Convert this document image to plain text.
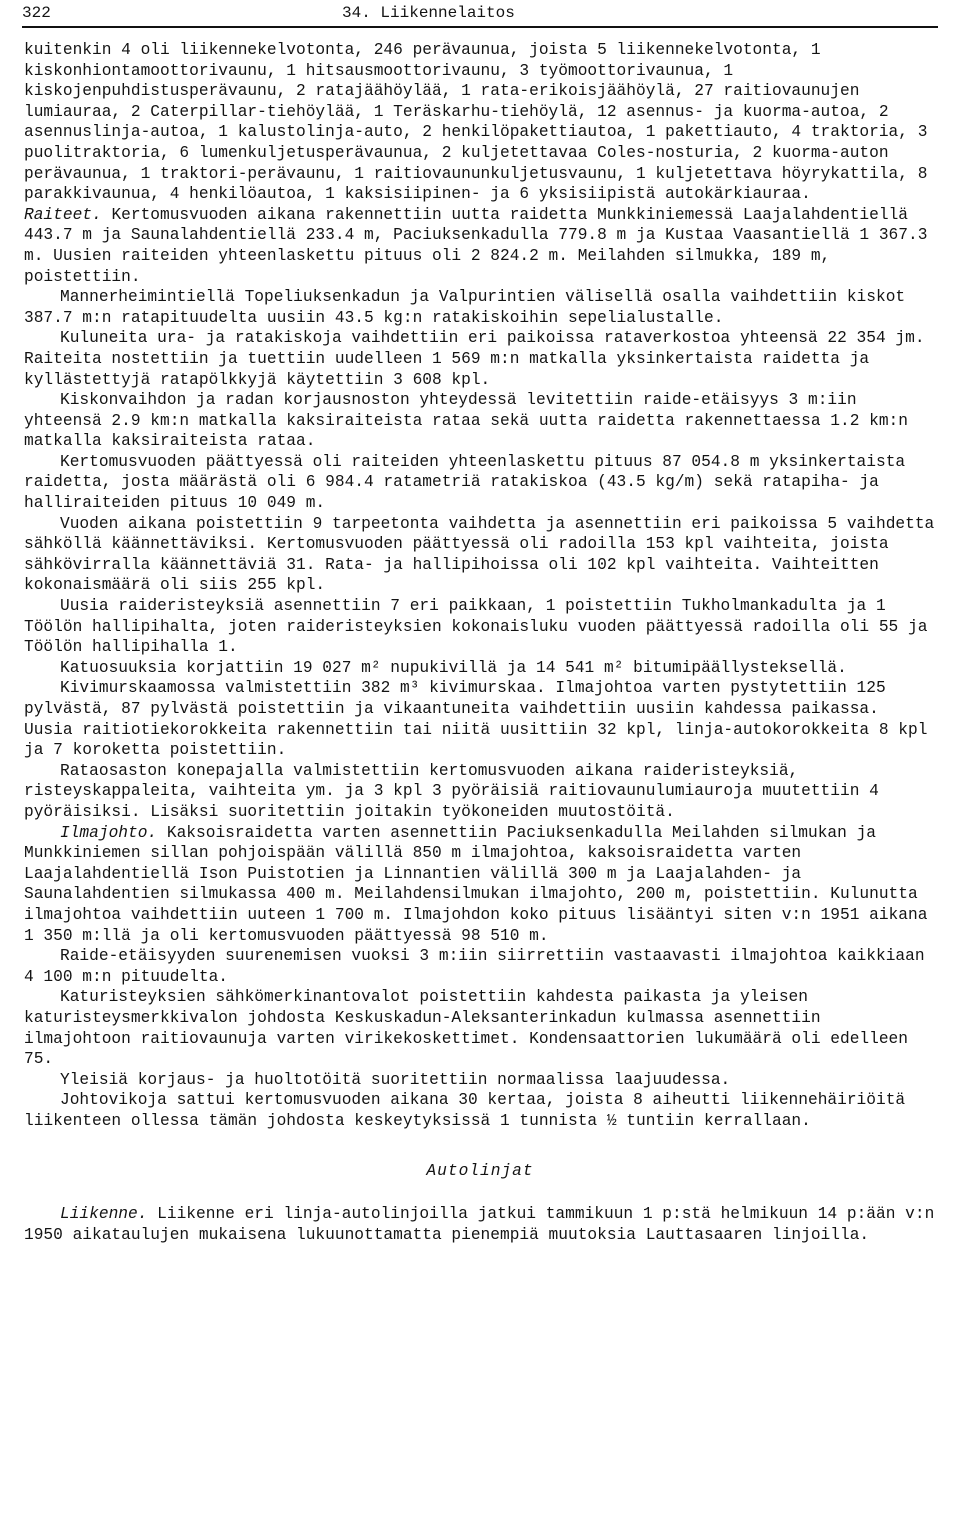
322	34. Liikennelaitos

kuitenkin 4 oli liikennekelvotonta, 246 perävaunua, joista 5 liikennekelvotonta, 1 kiskonhiontamoottorivaunu, 1 hitsausmoottorivaunu, 3 työmoottorivaunua, 1 kiskojenpuhdistusperävaunu, 2 ratajäähöylää, 1 rata-erikoisjäähöylä, 27 raitiovaunujen lumiauraa, 2 Caterpillar-tiehöylää, 1 Teräskarhu-tiehöylä, 12 asennus- ja kuorma-autoa, 2 asennuslinja-autoa, 1 kalustolinja-auto, 2 henkilöpakettiautoa, 1 pakettiauto, 4 traktoria, 3 puolitraktoria, 6 lumenkuljetusperävaunua, 2 kuljetettavaa Coles-nosturia, 2 kuorma-auton perävaunua, 1 traktori-perävaunu, 1 raitiovaununkuljetusvaunu, 1 kuljetettava höyrykattila, 8 parakkivaunua, 4 henkilöautoa, 1 kaksisiipinen- ja 6 yksisiipistä autokärkiauraa.

Raiteet. Kertomusvuoden aikana rakennettiin uutta raidetta Munkkiniemessä Laajalahdentiellä 443.7 m ja Saunalahdentiellä 233.4 m, Paciuksenkadulla 779.8 m ja Kustaa Vaasantiellä 1 367.3 m. Uusien raiteiden yhteenlaskettu pituus oli 2 824.2 m. Meilahden silmukka, 189 m, poistettiin.

Mannerheimintiellä Topeliuksenkadun ja Valpurintien välisellä osalla vaihdettiin kiskot 387.7 m:n ratapituudelta uusiin 43.5 kg:n ratakiskoihin sepelialustalle.

Kuluneita ura- ja ratakiskoja vaihdettiin eri paikoissa rataverkostoa yhteensä 22 354 jm. Raiteita nostettiin ja tuettiin uudelleen 1 569 m:n matkalla yksinkertaista raidetta ja kyllästettyjä ratapölkkyjä käytettiin 3 608 kpl.

Kiskonvaihdon ja radan korjausnoston yhteydessä levitettiin raide-etäisyys 3 m:iin yhteensä 2.9 km:n matkalla kaksiraiteista rataa sekä uutta raidetta rakennettaessa 1.2 km:n matkalla kaksiraiteista rataa.

Kertomusvuoden päättyessä oli raiteiden yhteenlaskettu pituus 87 054.8 m yksinkertaista raidetta, josta määrästä oli 6 984.4 ratametriä ratakiskoa (43.5 kg/m) sekä ratapiha- ja halliraiteiden pituus 10 049 m.

Vuoden aikana poistettiin 9 tarpeetonta vaihdetta ja asennettiin eri paikoissa 5 vaihdetta sähköllä käännettäviksi. Kertomusvuoden päättyessä oli radoilla 153 kpl vaihteita, joista sähkövirralla käännettäviä 31. Rata- ja hallipihoissa oli 102 kpl vaihteita. Vaihteitten kokonaismäärä oli siis 255 kpl.

Uusia raideristeyksiä asennettiin 7 eri paikkaan, 1 poistettiin Tukholmankadulta ja 1 Töölön hallipihalta, joten raideristeyksien kokonaisluku vuoden päättyessä radoilla oli 55 ja Töölön hallipihalla 1.

Katuosuuksia korjattiin 19 027 m² nupukivillä ja 14 541 m² bitumipäällysteksellä.

Kivimurskaamossa valmistettiin 382 m³ kivimurskaa. Ilmajohtoa varten pystytettiin 125 pylvästä, 87 pylvästä poistettiin ja vikaantuneita vaihdettiin uusiin kahdessa paikassa. Uusia raitiotiekorokkeita rakennettiin tai niitä uusittiin 32 kpl, linja-autokorokkeita 8 kpl ja 7 koroketta poistettiin.

Rataosaston konepajalla valmistettiin kertomusvuoden aikana raideristeyksiä, risteyskappaleita, vaihteita ym. ja 3 kpl 3 pyöräisiä raitiovaunulumiauroja muutettiin 4 pyöräisiksi. Lisäksi suoritettiin joitakin työkoneiden muutostöitä.

Ilmajohto. Kaksoisraidetta varten asennettiin Paciuksenkadulla Meilahden silmukan ja Munkkiniemen sillan pohjoispään välillä 850 m ilmajohtoa, kaksoisraidetta varten Laajalahdentiellä Ison Puistotien ja Linnantien välillä 300 m ja Laajalahden- ja Saunalahdentien silmukassa 400 m. Meilahdensilmukan ilmajohto, 200 m, poistettiin. Kulunutta ilmajohtoa vaihdettiin uuteen 1 700 m. Ilmajohdon koko pituus lisääntyi siten v:n 1951 aikana 1 350 m:llä ja oli kertomusvuoden päättyessä 98 510 m.

Raide-etäisyyden suurenemisen vuoksi 3 m:iin siirrettiin vastaavasti ilmajohtoa kaikkiaan 4 100 m:n pituudelta.

Katuristeyksien sähkömerkinantovalot poistettiin kahdesta paikasta ja yleisen katuristeysmerkkivalon johdosta Keskuskadun-Aleksanterinkadun kulmassa asennettiin ilmajohtoon raitiovaunuja varten virikekoskettimet. Kondensaattorien lukumäärä oli edelleen 75.

Yleisiä korjaus- ja huoltotöitä suoritettiin normaalissa laajuudessa.

Johtovikoja sattui kertomusvuoden aikana 30 kertaa, joista 8 aiheutti liikennehäiriöitä liikenteen ollessa tämän johdosta keskeytyksissä 1 tunnista ½ tuntiin kerrallaan.

Autolinjat

Liikenne. Liikenne eri linja-autolinjoilla jatkui tammikuun 1 p:stä helmikuun 14 p:ään v:n 1950 aikataulujen mukaisena lukuunottamatta pienempiä muutoksia Lauttasaaren linjoilla.
